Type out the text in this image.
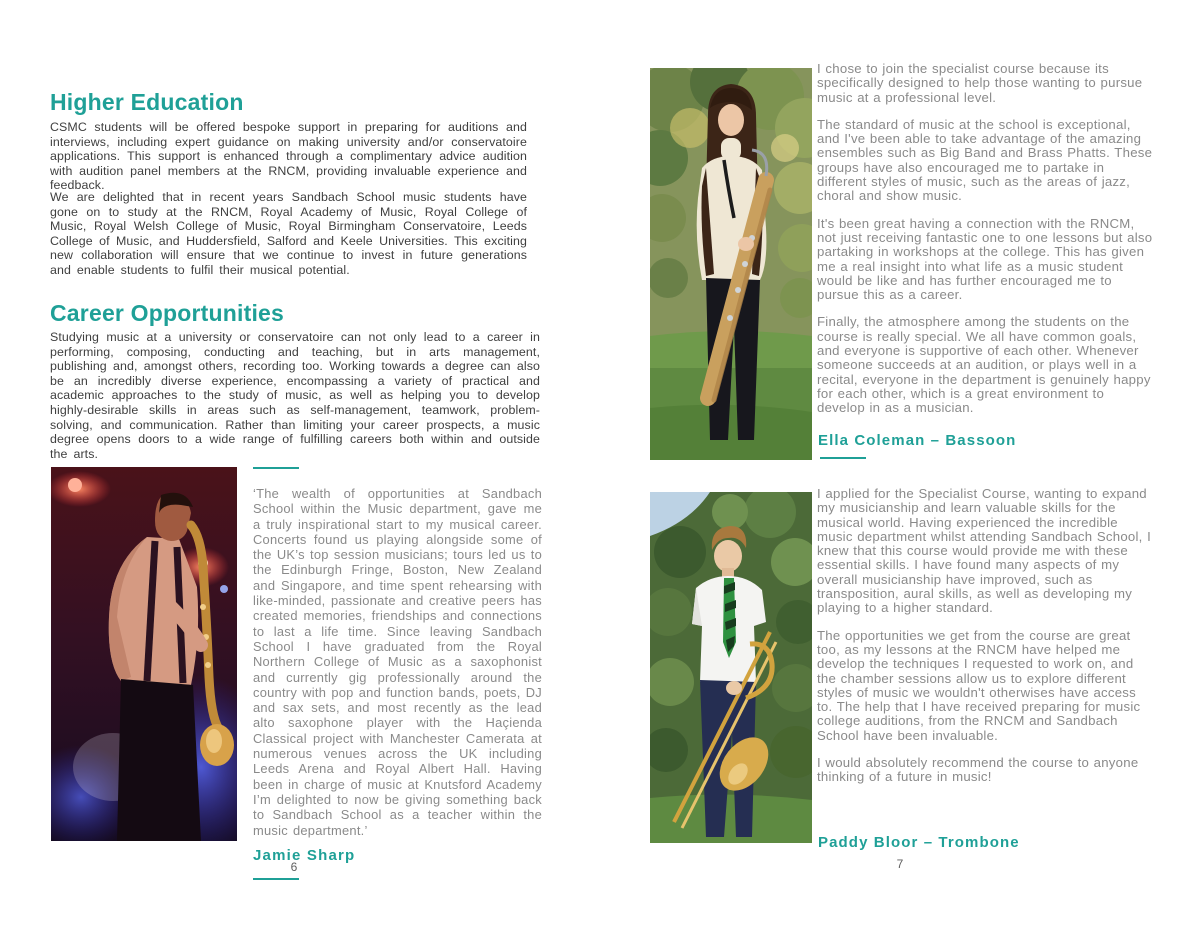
Higher Education

CSMC students will be offered bespoke support in preparing for auditions and interviews, including expert guidance on making university and/or conservatoire applications. This support is enhanced through a complimentary advice audition with audition panel members at the RNCM, providing invaluable experience and feedback.

We are delighted that in recent years Sandbach School music students have gone on to study at the RNCM, Royal Academy of Music, Royal College of Music, Royal Welsh College of Music, Royal Birmingham Conservatoire, Leeds College of Music, and Huddersfield, Salford and Keele Universities. This exciting new collaboration will ensure that we continue to invest in future generations and enable students to fulfil their musical potential.

Career Opportunities

Studying music at a university or conservatoire can not only lead to a career in performing, composing, conducting and teaching, but in arts management, publishing and, amongst others, recording too. Working towards a degree can also be an incredibly diverse experience, encompassing a variety of practical and academic approaches to the study of music, as well as helping you to develop highly-desirable skills in areas such as self-management, teamwork, problem-solving, and communication. Rather than limiting your career prospects, a music degree opens doors to a wide range of fulfilling careers both within and outside the arts.

‘The wealth of opportunities at Sandbach School within the Music department, gave me a truly inspirational start to my musical career. Concerts found us playing alongside some of the UK’s top session musicians; tours led us to the Edinburgh Fringe, Boston, New Zealand and Singapore, and time spent rehearsing with like-minded, passionate and creative peers has created memories, friendships and connections to last a life time. Since leaving Sandbach School I have graduated from the Royal Northern College of Music as a saxophonist and currently gig professionally around the country with pop and function bands, poets, DJ and sax sets, and most recently as the lead alto saxophone player with the Haçienda Classical project with Manchester Camerata at numerous venues across the UK including Leeds Arena and Royal Albert Hall. Having been in charge of music at Knutsford Academy I’m delighted to now be giving something back to Sandbach School as a teacher within the music department.’

Jamie Sharp

6

I chose to join the specialist course because its specifically designed to help those wanting to pursue music at a professional level.

The standard of music at the school is exceptional, and I've been able to take advantage of the amazing ensembles such as Big Band and Brass Phatts. These groups have also encouraged me to partake in different styles of music, such as the areas of jazz, choral and show music.

It's been great having a connection with the RNCM, not just receiving fantastic one to one lessons but also partaking in workshops at the college. This has given me a real insight into what life as a music student would be like and has further encouraged me to pursue this as a career.

Finally, the atmosphere among the students on the course is really special. We all have common goals, and everyone is supportive of each other. Whenever someone succeeds at an audition, or plays well in a recital, everyone in the department is genuinely happy for each other, which is a great environment to develop in as a musician.

Ella Coleman – Bassoon

I applied for the Specialist Course, wanting to expand my musicianship and learn valuable skills for the musical world. Having experienced the incredible music department whilst attending Sandbach School, I knew that this course would provide me with these essential skills. I have found many aspects of my overall musicianship have improved, such as transposition, aural skills, as well as developing my playing to a higher standard.

The opportunities we get from the course are great too, as my lessons at the RNCM have helped me develop the techniques I requested to work on, and the chamber sessions allow us to explore different styles of music we wouldn't otherwises have access to. The help that I have received preparing for music college auditions, from the RNCM and Sandbach School have been invaluable.

I would absolutely recommend the course to anyone thinking of a future in music!

Paddy Bloor – Trombone

7
